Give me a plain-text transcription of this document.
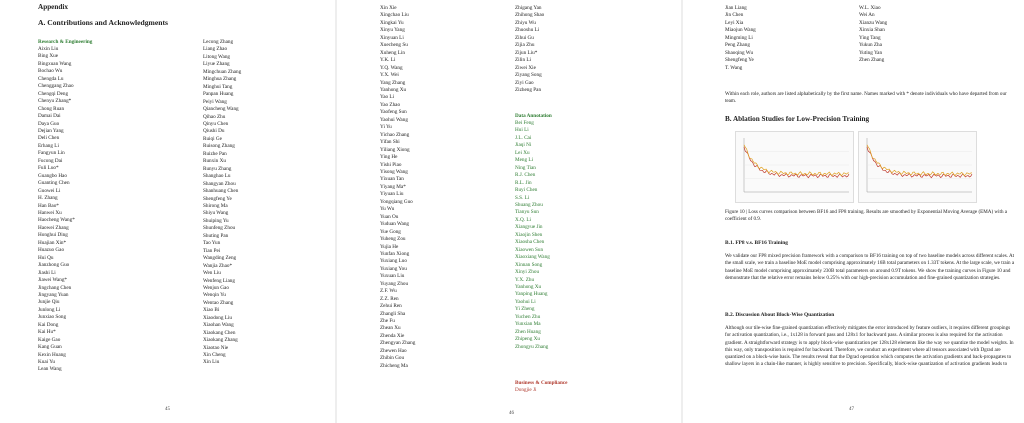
Appendix
A. Contributions and Acknowledgments
Research & Engineering
Aixin Liu
Bing Xue
Bingxuan Wang
Bochao Wu
Chengda Lu
Chenggang Zhao
Chengqi Deng
Chenyu Zhang*
Chong Ruan
Damai Dai
Daya Guo
Dejian Yang
Deli Chen
Erhang Li
Fangyun Lin
Fucong Dai
Fuli Luo*
Guangbo Hao
Guanting Chen
Guowei Li
H. Zhang
Han Bao*
Hanwei Xu
Haocheng Wang*
Haowei Zhang
Honghui Ding
Huajian Xin*
Huazuo Gao
Hui Qu
Jianzhong Guo
Jiashi Li
Jiawei Wang*
Jingchang Chen
Jingyang Yuan
Junjie Qiu
Junlong Li
Junxiao Song
Kai Dong
Kai Hu*
Kaige Gao
Kang Guan
Kexin Huang
Kuai Yu
Lean Wang
Lecong Zhang
Liang Zhao
Litong Wang
Liyue Zhang
Mingchuan Zhang
Minghua Zhang
Minghui Tang
Panpan Huang
Peiyi Wang
Qiancheng Wang
Qihao Zhu
Qinyu Chen
Qiushi Du
Ruiqi Ge
Ruisong Zhang
Ruizhe Pan
Runxin Xu
Runyu Zhang
Shanghao Lu
Shangyan Zhou
Shanhuang Chen
Shengfeng Ye
Shirong Ma
Shiyu Wang
Shuiping Yu
Shunfeng Zhou
Shuting Pan
Tao Yun
Tian Pei
Wangding Zeng
Wanjia Zhao*
Wen Liu
Wenfeng Liang
Wenjun Gao
Wenqin Yu
Wentao Zhang
Xiao Bi
Xiaodong Liu
Xiaohan Wang
Xiaokang Chen
Xiaokang Zhang
Xiaotao Nie
Xin Cheng
Xin Liu
45
Xin Xie
Xingchao Liu
Xingkai Yu
Xinyu Yang
Xinyuan Li
Xuecheng Su
Xuheng Lin
Y.K. Li
Y.Q. Wang
Y.X. Wei
Yang Zhang
Yanhong Xu
Yao Li
Yao Zhao
Yaofeng Sun
Yaohui Wang
Yi Yu
Yichao Zhang
Yifan Shi
Yiliang Xiong
Ying He
Yishi Piao
Yisong Wang
Yixuan Tan
Yiyang Ma*
Yiyuan Liu
Yongqiang Guo
Yu Wu
Yuan Ou
Yuduan Wang
Yue Gong
Yuheng Zou
Yujia He
Yunfan Xiong
Yuxiang Luo
Yuxiang You
Yuxuan Liu
Yuyang Zhou
Z.F. Wu
Z.Z. Ren
Zehui Ren
Zhangli Sha
Zhe Fu
Zhean Xu
Zhenda Xie
Zhengyan Zhang
Zhewen Hao
Zhibin Gou
Zhicheng Ma
Zhigang Yan
Zhihong Shao
Zhiyu Wu
Zhuoshu Li
Zihui Gu
Zijia Zhu
Zijun Liu*
Zilin Li
Ziwei Xie
Ziyang Song
Ziyi Gao
Zizheng Pan
Data Annotation
Bei Feng
Hui Li
J.L. Cai
Jiaqi Ni
Lei Xu
Meng Li
Ning Tian
R.J. Chen
R.L. Jin
Ruyi Chen
S.S. Li
Shuang Zhou
Tianyu Sun
X.Q. Li
Xiangyue Jin
Xiaojin Shen
Xiaosha Chen
Xiaowen Sun
Xiaoxiang Wang
Xinnan Song
Xinyi Zhou
Y.X. Zhu
Yanhong Xu
Yanping Huang
Yaohui Li
Yi Zheng
Yuchen Zhu
Yunxian Ma
Zhen Huang
Zhipeng Xu
Zhongyu Zhang
Business & Compliance
Dongjie Ji
46
Jian Liang
Jin Chen
Leyi Xia
Miaojun Wang
Mingming Li
Peng Zhang
Shaoqing Wu
Shengfeng Ye
T. Wang
W.L. Xiao
Wei An
Xianzu Wang
Xinxia Shan
Ying Tang
Yukun Zha
Yuting Yan
Zhen Zhang
Within each role, authors are listed alphabetically by the first name. Names marked with * denote individuals who have departed from our team.
B. Ablation Studies for Low-Precision Training
Figure 10 | Loss curves comparison between BF16 and FP8 training. Results are smoothed by Exponential Moving Average (EMA) with a coefficient of 0.9.
B.1. FP8 v.s. BF16 Training
We validate our FP8 mixed precision framework with a comparison to BF16 training on top of two baseline models across different scales. At the small scale, we train a baseline MoE model comprising approximately 16B total parameters on 1.33T tokens. At the large scale, we train a baseline MoE model comprising approximately 230B total parameters on around 0.9T tokens. We show the training curves in Figure 10 and demonstrate that the relative error remains below 0.25% with our high-precision accumulation and fine-grained quantization strategies.
B.2. Discussion About Block-Wise Quantization
Although our tile-wise fine-grained quantization effectively mitigates the error introduced by feature outliers, it requires different groupings for activation quantization, i.e., 1x128 in forward pass and 128x1 for backward pass. A similar process is also required for the activation gradient. A straightforward strategy is to apply block-wise quantization per 128x128 elements like the way we quantize the model weights. In this way, only transposition is required for backward. Therefore, we conduct an experiment where all tensors associated with Dgrad are quantized on a block-wise basis. The results reveal that the Dgrad operation which computes the activation gradients and back-propagates to shallow layers in a chain-like manner, is highly sensitive to precision. Specifically, block-wise quantization of activation gradients leads to
47
